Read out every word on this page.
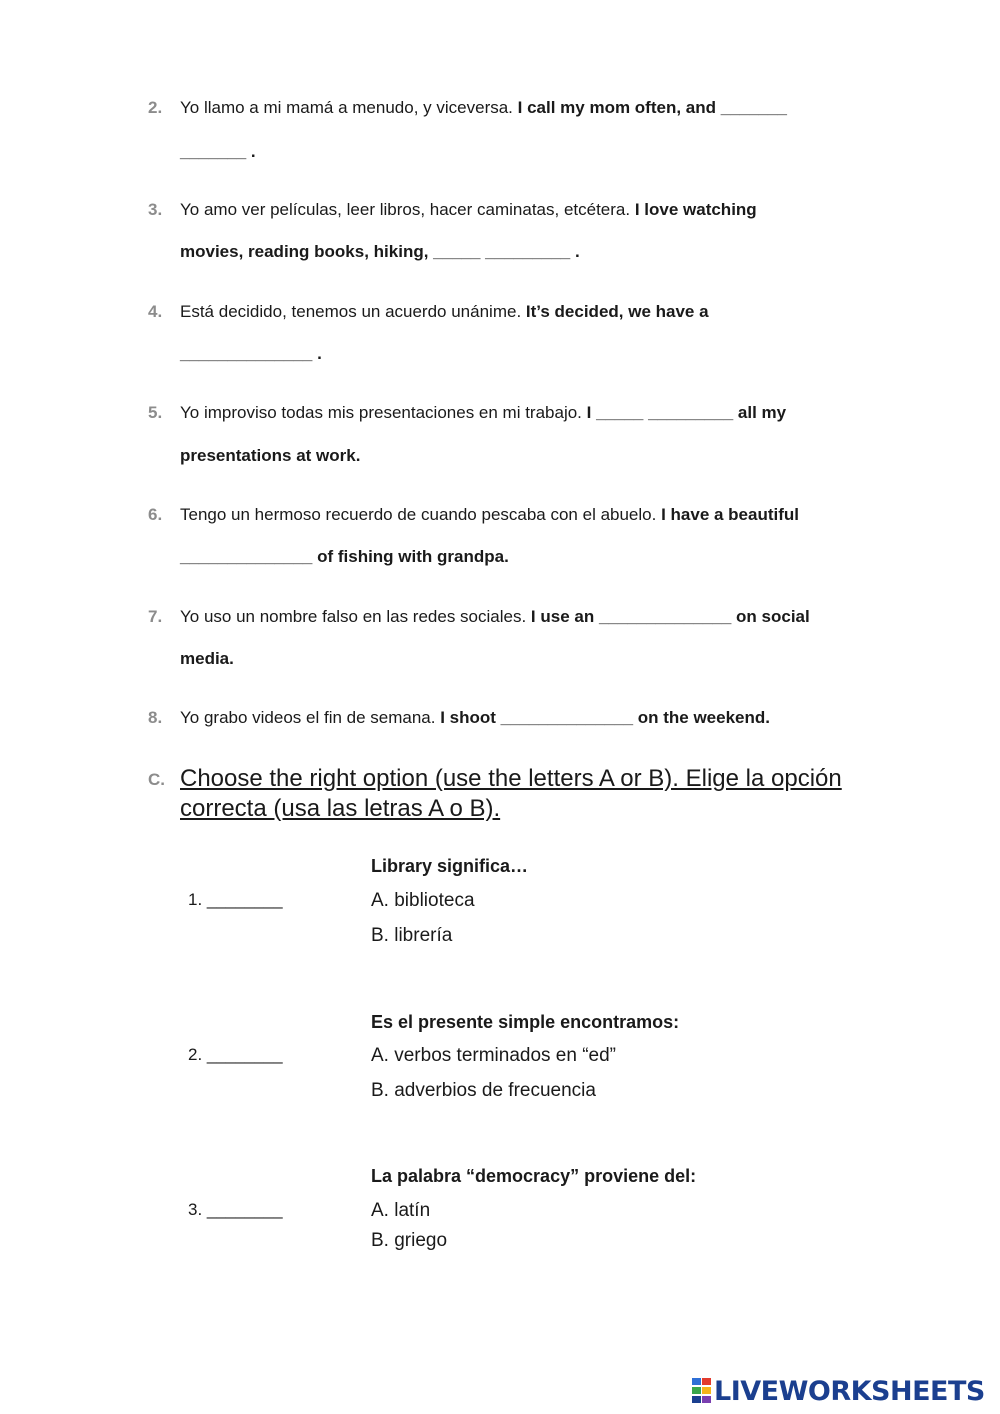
2. Yo llamo a mi mamá a menudo, y viceversa. I call my mom often, and _______
_______ .
3. Yo amo ver películas, leer libros, hacer caminatas, etcétera. I love watching
movies, reading books, hiking, _____ _________ .
4. Está decidido, tenemos un acuerdo unánime. It’s decided, we have a
______________ .
5. Yo improviso todas mis presentaciones en mi trabajo. I _____ _________ all my
presentations at work.
6. Tengo un hermoso recuerdo de cuando pescaba con el abuelo. I have a beautiful
______________ of fishing with grandpa.
7. Yo uso un nombre falso en las redes sociales. I use an ______________ on social
media.
8. Yo grabo videos el fin de semana. I shoot ______________ on the weekend.
C. Choose the right option (use the letters A or B). Elige la opción correcta (usa las letras A o B).
Library significa…
1. ________	A. biblioteca
B. librería
Es el presente simple encontramos:
2. ________	A. verbos terminados en “ed”
B. adverbios de frecuencia
La palabra “democracy” proviene del:
3. ________	A. latín
B. griego
LIVEWORKSHEETS
